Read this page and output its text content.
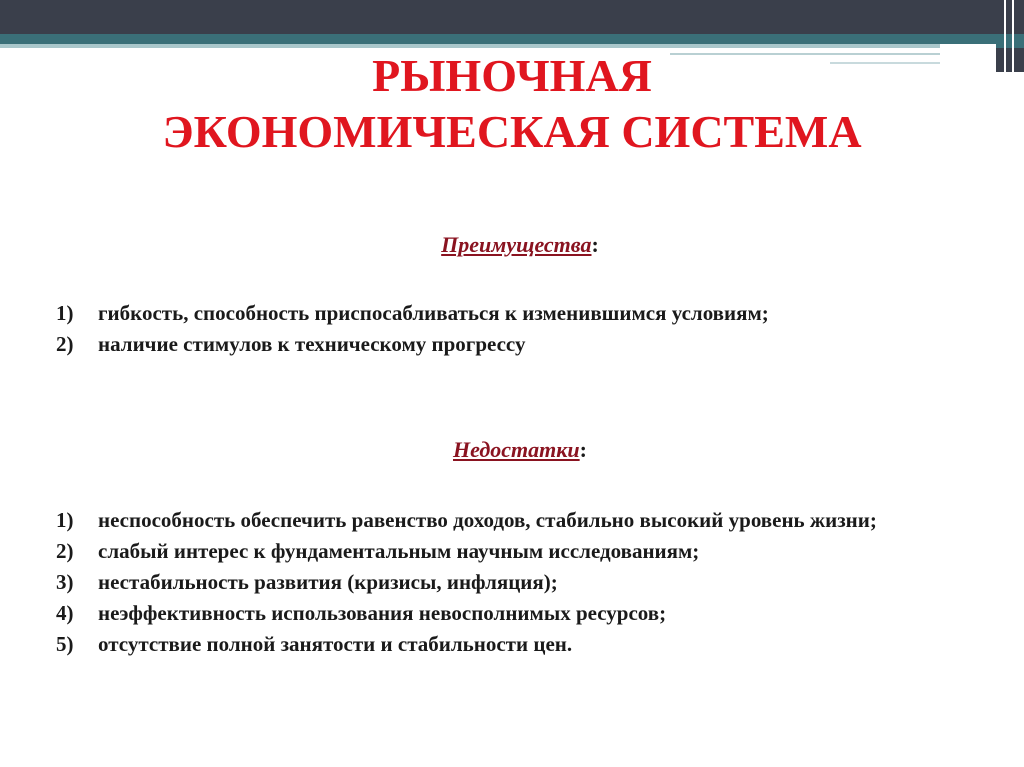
РЫНОЧНАЯ
ЭКОНОМИЧЕСКАЯ СИСТЕМА
Преимущества:
1) гибкость, способность приспосабливаться к изменившимся условиям;
2) наличие стимулов к техническому прогрессу
Недостатки:
1) неспособность обеспечить равенство доходов, стабильно высокий уровень жизни;
2) слабый интерес к фундаментальным научным исследованиям;
3) нестабильность развития (кризисы, инфляция);
4) неэффективность использования невосполнимых ресурсов;
5) отсутствие полной занятости и стабильности цен.
